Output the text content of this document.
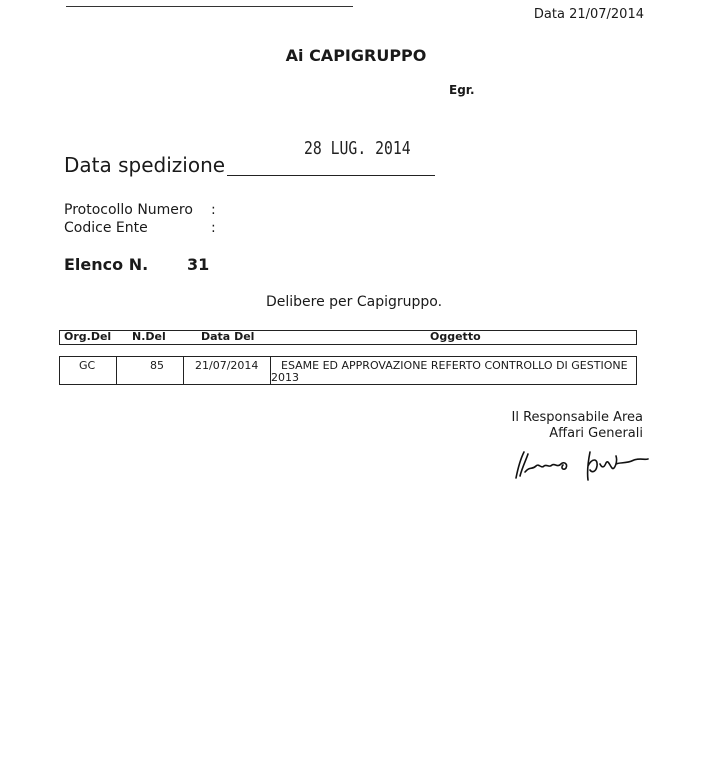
Data 21/07/2014
Ai CAPIGRUPPO
Egr.
28 LUG. 2014
Data spedizione
Protocollo Numero :
Codice Ente	:
Elenco N. 31
Delibere per Capigruppo.
Org.Del N.Del	Data Del	Oggetto
GC	85	21/07/2014 ESAME ED APPROVAZIONE REFERTO CONTROLLO DI GESTIONE
2013
Il Responsabile Area
Affari Generali
